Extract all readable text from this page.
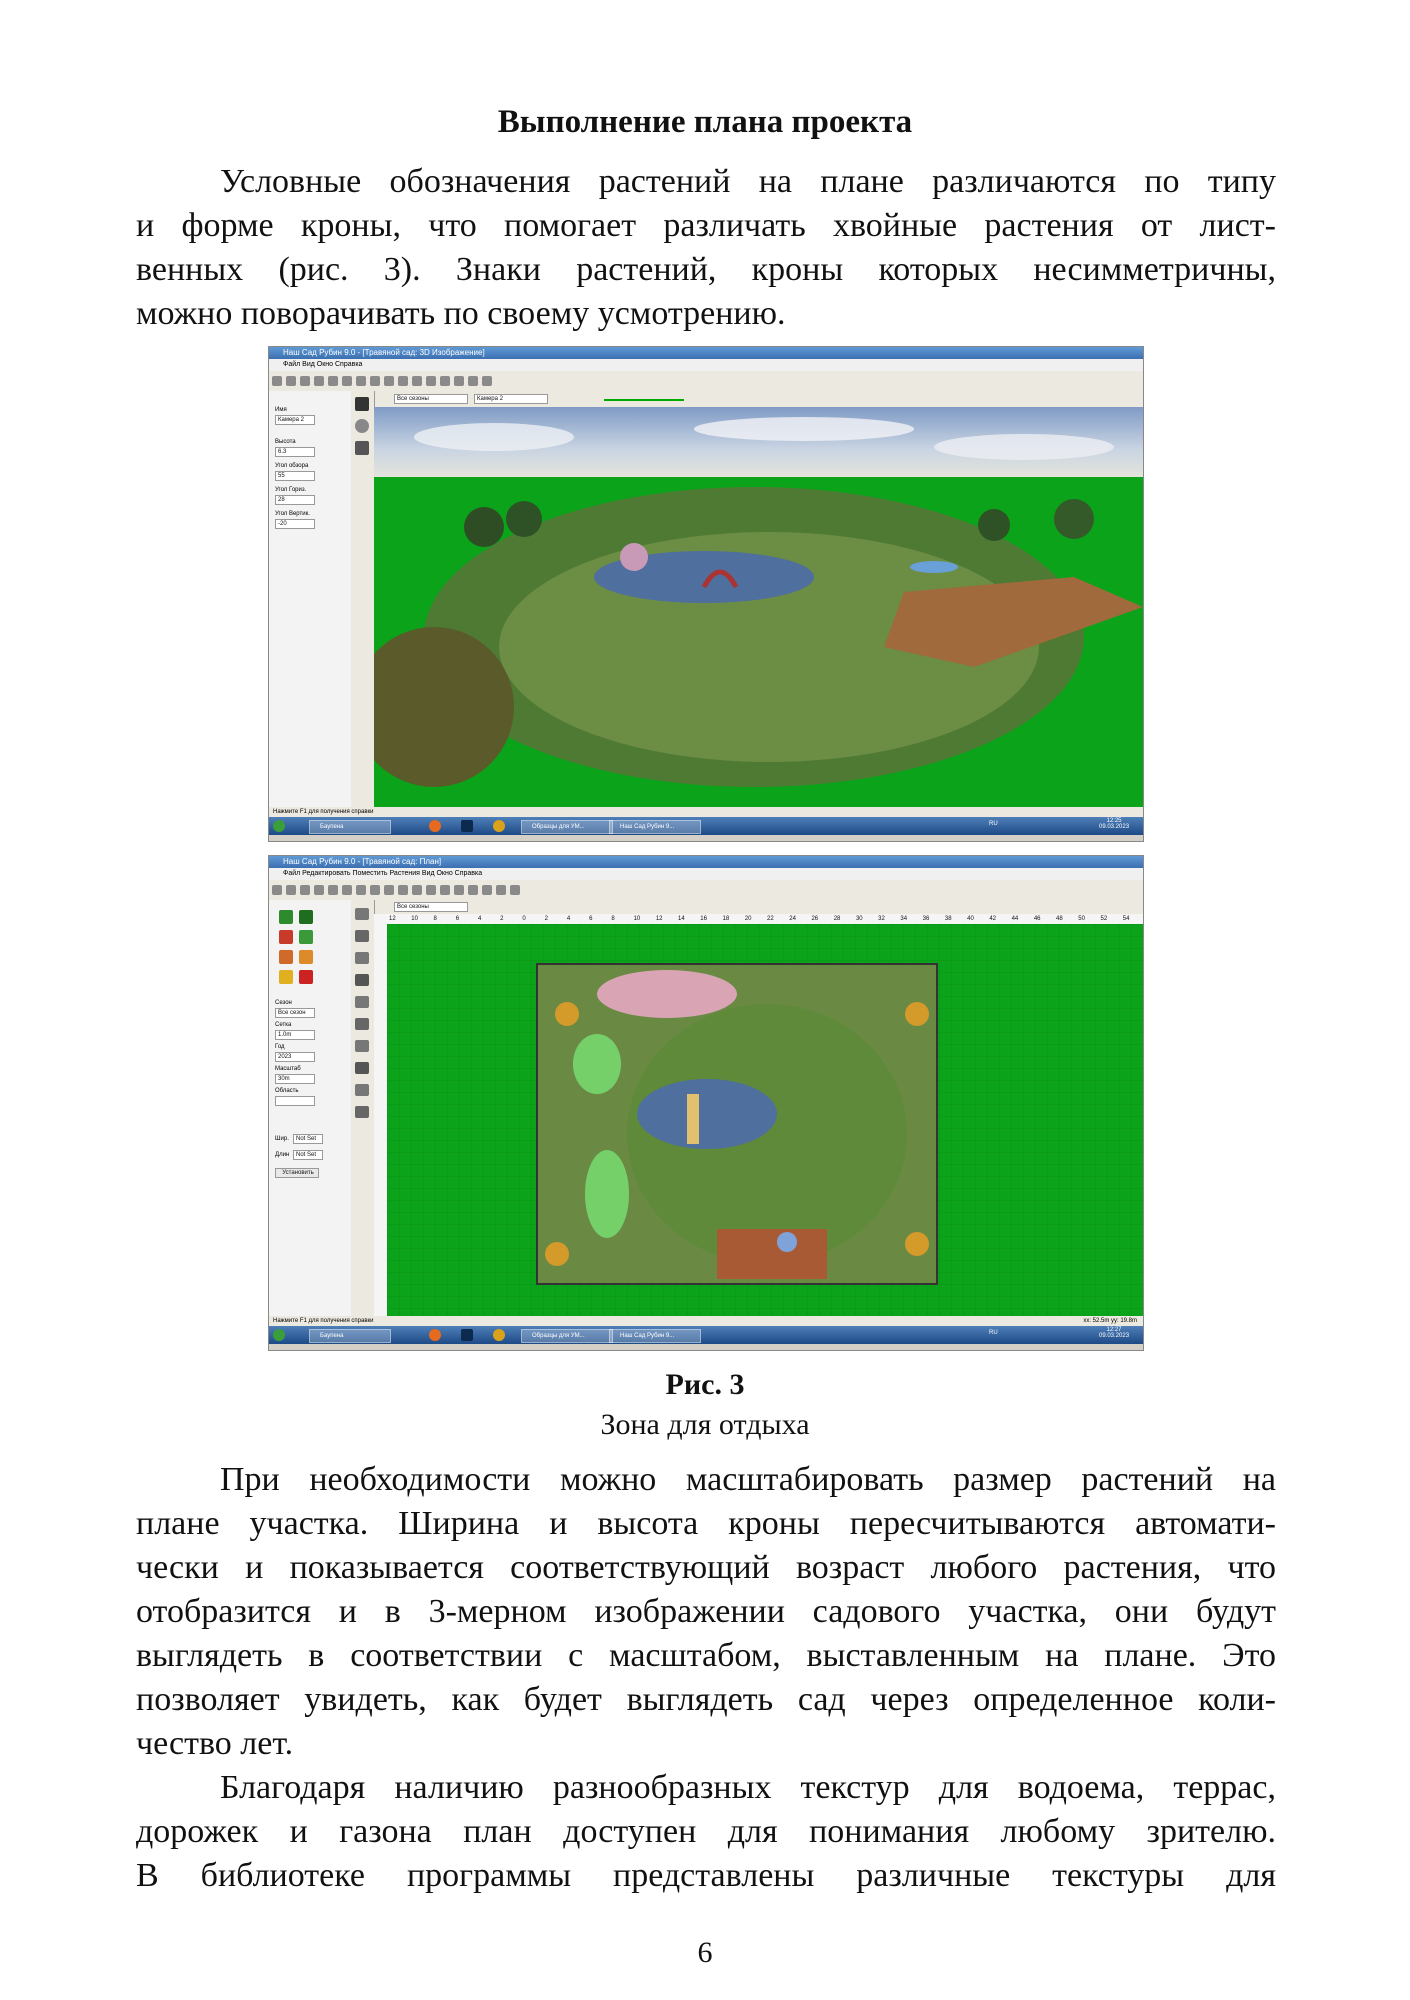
Выполнение плана проекта
Условные обозначения растений на плане различаются по типу
и форме кроны, что помогает различать хвойные растения от лист-
венных (рис. 3). Знаки растений, кроны которых несимметричны,
можно поворачивать по своему усмотрению.
Наш Сад Рубин 9.0 - [Травяной сад: 3D Изображение]
Файл Вид Окно Справка
Все сезоны	Камера 2
Имя
Камера 2
Высота
6.3
Угол обзора
55
Угол Гориз.
28
Угол Вертик.
-20
Нажмите F1 для получения справки
Баупена	Образцы для УМ...	Наш Сад Рубин 9...	RU	12:25
09.03.2023
Наш Сад Рубин 9.0 - [Травяной сад: План]
Файл Редактировать Поместить Растения Вид Окно Справка
Все сезоны
Сезон
Все сезон
Сетка
1.0m
Год
2023
Масштаб
30m
Область
Шир.	Not Set
Длин	Not Set
Установить
12	10	8	6	4	2	0	2	4	6	8	10	12	14	16	18	20	22	24	26	28	30	32	34	36	38	40	42	44	46	48	50	52	54
Нажмите F1 для получения справки	xx: 52.5m yy: 19.8m
Баупена	Образцы для УМ...	Наш Сад Рубин 9...	RU	12:27
09.03.2023
Рис. 3
Зона для отдыха
При необходимости можно масштабировать размер растений на
плане участка. Ширина и высота кроны пересчитываются автомати-
чески и показывается соответствующий возраст любого растения, что
отобразится и в 3-мерном изображении садового участка, они будут
выглядеть в соответствии с масштабом, выставленным на плане. Это
позволяет увидеть, как будет выглядеть сад через определенное коли-
чество лет.
Благодаря наличию разнообразных текстур для водоема, террас,
дорожек и газона план доступен для понимания любому зрителю.
В библиотеке программы представлены различные текстуры для
6
